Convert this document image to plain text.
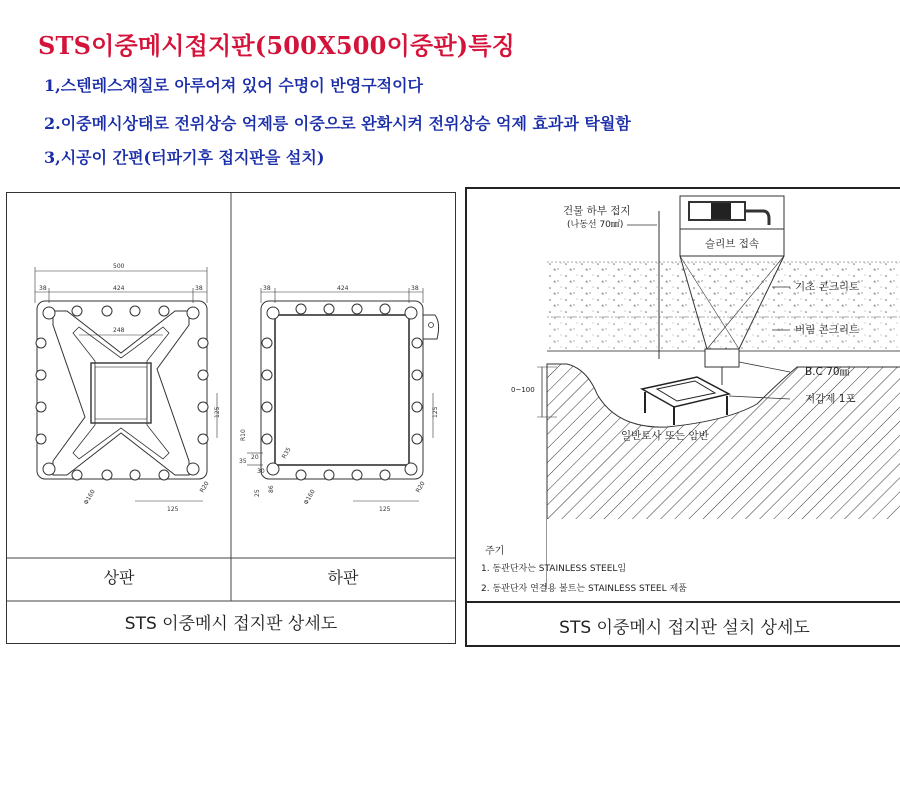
STS이중메시접지판(500X500이중판)특징
1,스텐레스재질로 아루어져 있어 수명이 반영구적이다
2.이중메시상태로 전위상승 억제릉 이중으로 완화시켜 전위상승 억제 효과과 탁월함
3,시공이 간편(터파기후 접지판을 설치)
500
38	424	38
248
125
125
R20
Φ160
38	424	38
125
125
R20
R10
35
20
30
86
R35
25	Φ160
상판	하판
STS 이중메시 접지판 상세도
건물 하부 접지
(나동선 70㎟)
슬리브 접속
기초 콘크리트
버림 콘크리트
B.C 70㎟
저감제 1포
일반토사 또는 암반
0~100
주기
1. 동관단자는 STAINLESS STEEL임
2. 동관단자 연결용 볼트는 STAINLESS STEEL 제품
STS 이중메시 접지판 설치 상세도
